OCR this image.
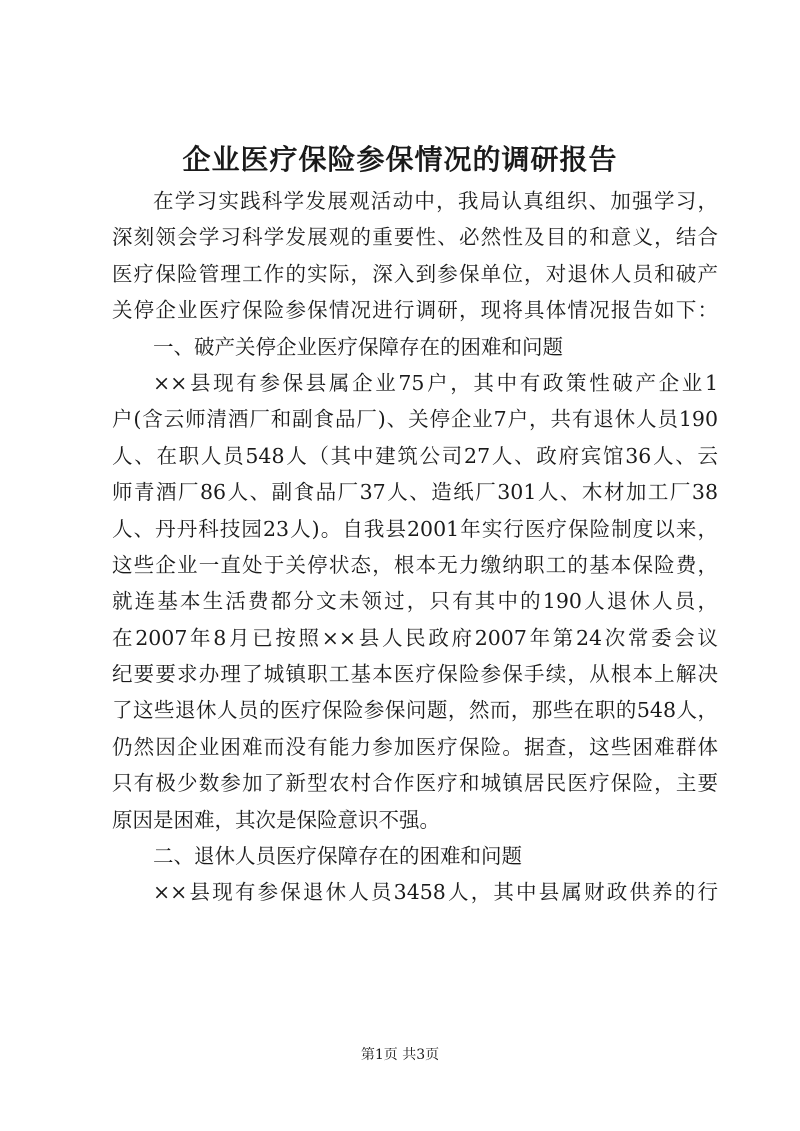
企业医疗保险参保情况的调研报告
在学习实践科学发展观活动中，我局认真组织、加强学习，
深刻领会学习科学发展观的重要性、必然性及目的和意义，结合
医疗保险管理工作的实际，深入到参保单位，对退休人员和破产
关停企业医疗保险参保情况进行调研，现将具体情况报告如下：
一、破产关停企业医疗保障存在的困难和问题
××县现有参保县属企业75户，其中有政策性破产企业1
户(含云师清酒厂和副食品厂)、关停企业7户，共有退休人员190
人、在职人员548人（其中建筑公司27人、政府宾馆36人、云
师青酒厂86人、副食品厂37人、造纸厂301人、木材加工厂38
人、丹丹科技园23人)。自我县2001年实行医疗保险制度以来，
这些企业一直处于关停状态，根本无力缴纳职工的基本保险费，
就连基本生活费都分文未领过，只有其中的190人退休人员，
在2007年8月已按照××县人民政府2007年第24次常委会议
纪要要求办理了城镇职工基本医疗保险参保手续，从根本上解决
了这些退休人员的医疗保险参保问题，然而，那些在职的548人，
仍然因企业困难而没有能力参加医疗保险。据查，这些困难群体
只有极少数参加了新型农村合作医疗和城镇居民医疗保险，主要
原因是困难，其次是保险意识不强。
二、退休人员医疗保障存在的困难和问题
××县现有参保退休人员3458人，其中县属财政供养的行
第1页 共3页
